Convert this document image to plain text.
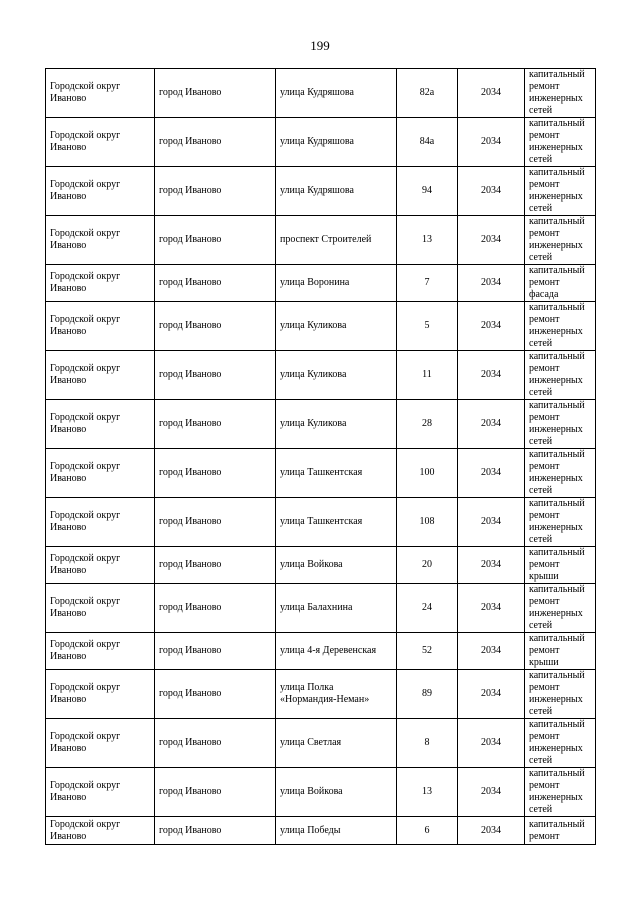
199
Городской округ Иваново	город Иваново	улица Кудряшова	82а	2034	капитальный ремонт инженерных сетей
Городской округ Иваново	город Иваново	улица Кудряшова	84а	2034	капитальный ремонт инженерных сетей
Городской округ Иваново	город Иваново	улица Кудряшова	94	2034	капитальный ремонт инженерных сетей
Городской округ Иваново	город Иваново	проспект Строителей	13	2034	капитальный ремонт инженерных сетей
Городской округ Иваново	город Иваново	улица Воронина	7	2034	капитальный ремонт фасада
Городской округ Иваново	город Иваново	улица Куликова	5	2034	капитальный ремонт инженерных сетей
Городской округ Иваново	город Иваново	улица Куликова	11	2034	капитальный ремонт инженерных сетей
Городской округ Иваново	город Иваново	улица Куликова	28	2034	капитальный ремонт инженерных сетей
Городской округ Иваново	город Иваново	улица Ташкентская	100	2034	капитальный ремонт инженерных сетей
Городской округ Иваново	город Иваново	улица Ташкентская	108	2034	капитальный ремонт инженерных сетей
Городской округ Иваново	город Иваново	улица Войкова	20	2034	капитальный ремонт крыши
Городской округ Иваново	город Иваново	улица Балахнина	24	2034	капитальный ремонт инженерных сетей
Городской округ Иваново	город Иваново	улица 4-я Деревенская	52	2034	капитальный ремонт крыши
Городской округ Иваново	город Иваново	улица Полка «Нормандия-Неман»	89	2034	капитальный ремонт инженерных сетей
Городской округ Иваново	город Иваново	улица Светлая	8	2034	капитальный ремонт инженерных сетей
Городской округ Иваново	город Иваново	улица Войкова	13	2034	капитальный ремонт инженерных сетей
Городской округ Иваново	город Иваново	улица Победы	6	2034	капитальный ремонт
